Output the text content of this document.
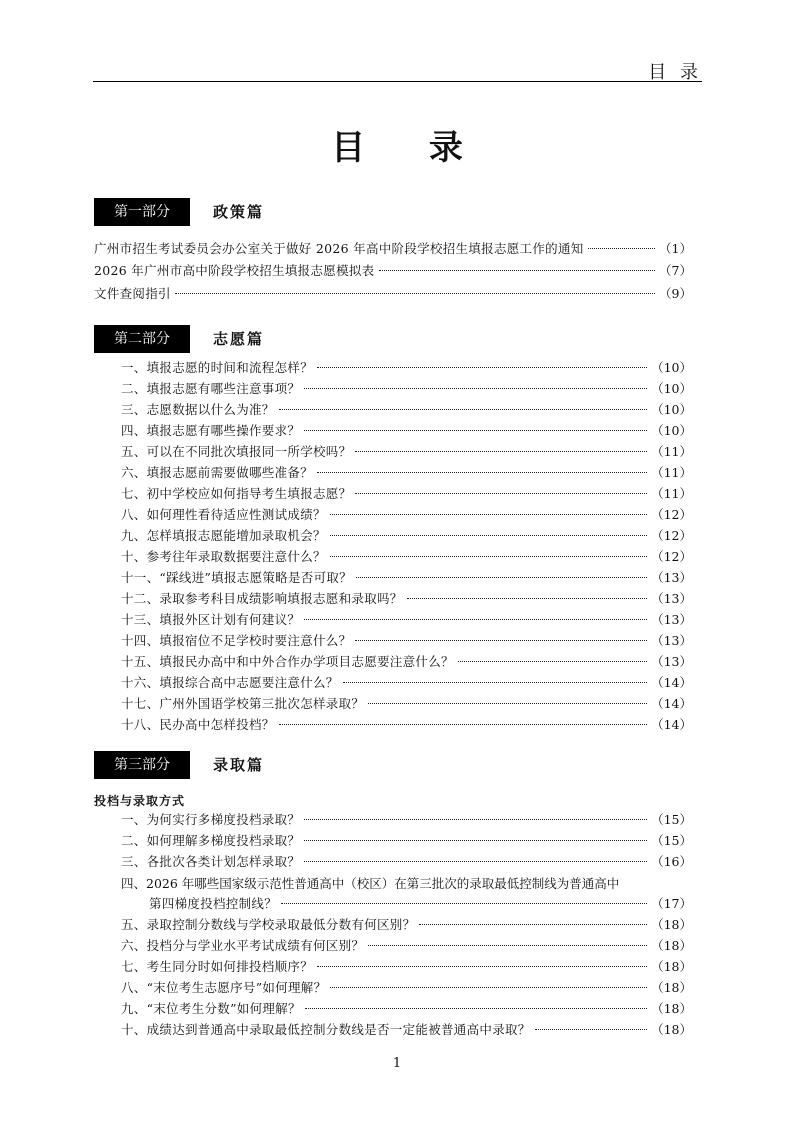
目 录
目 录
第一部分	政策篇
广州市招生考试委员会办公室关于做好 2026 年高中阶段学校招生填报志愿工作的通知	（1）
2026 年广州市高中阶段学校招生填报志愿模拟表	（7）
文件查阅指引	（9）
第二部分	志愿篇
一、填报志愿的时间和流程怎样？	（10）
二、填报志愿有哪些注意事项？	（10）
三、志愿数据以什么为准？	（10）
四、填报志愿有哪些操作要求？	（10）
五、可以在不同批次填报同一所学校吗？	（11）
六、填报志愿前需要做哪些准备？	（11）
七、初中学校应如何指导考生填报志愿？	（11）
八、如何理性看待适应性测试成绩？	（12）
九、怎样填报志愿能增加录取机会？	（12）
十、参考往年录取数据要注意什么？	（12）
十一、“踩线进”填报志愿策略是否可取？	（13）
十二、录取参考科目成绩影响填报志愿和录取吗？	（13）
十三、填报外区计划有何建议？	（13）
十四、填报宿位不足学校时要注意什么？	（13）
十五、填报民办高中和中外合作办学项目志愿要注意什么？	（13）
十六、填报综合高中志愿要注意什么？	（14）
十七、广州外国语学校第三批次怎样录取？	（14）
十八、民办高中怎样投档？	（14）
第三部分	录取篇
投档与录取方式
一、为何实行多梯度投档录取？	（15）
二、如何理解多梯度投档录取？	（15）
三、各批次各类计划怎样录取？	（16）
四、2026 年哪些国家级示范性普通高中（校区）在第三批次的录取最低控制线为普通高中
第四梯度投档控制线？	（17）
五、录取控制分数线与学校录取最低分数有何区别？	（18）
六、投档分与学业水平考试成绩有何区别？	（18）
七、考生同分时如何排投档顺序？	（18）
八、“末位考生志愿序号”如何理解？	（18）
九、“末位考生分数”如何理解？	（18）
十、成绩达到普通高中录取最低控制分数线是否一定能被普通高中录取？	（18）
1
